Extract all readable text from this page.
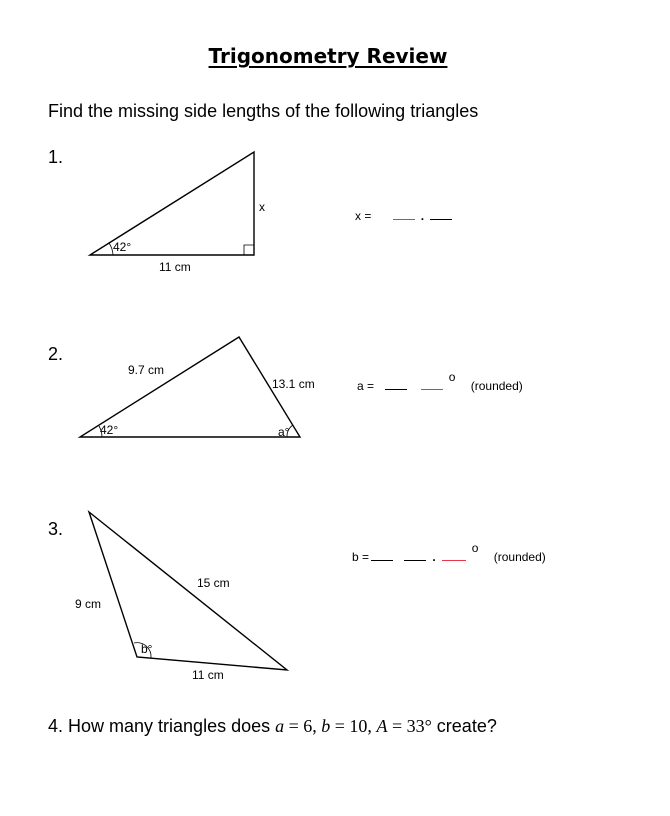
Trigonometry Review
Find the missing side lengths of the following triangles
1.
42°
11 cm
x
x =	.
2.
9.7 cm
13.1 cm
42°	a°
a =  o (rounded)
3.
9 cm
15 cm
11 cm
b°
b =	.o (rounded)
4. How many triangles does a = 6, b = 10, A = 33° create?
